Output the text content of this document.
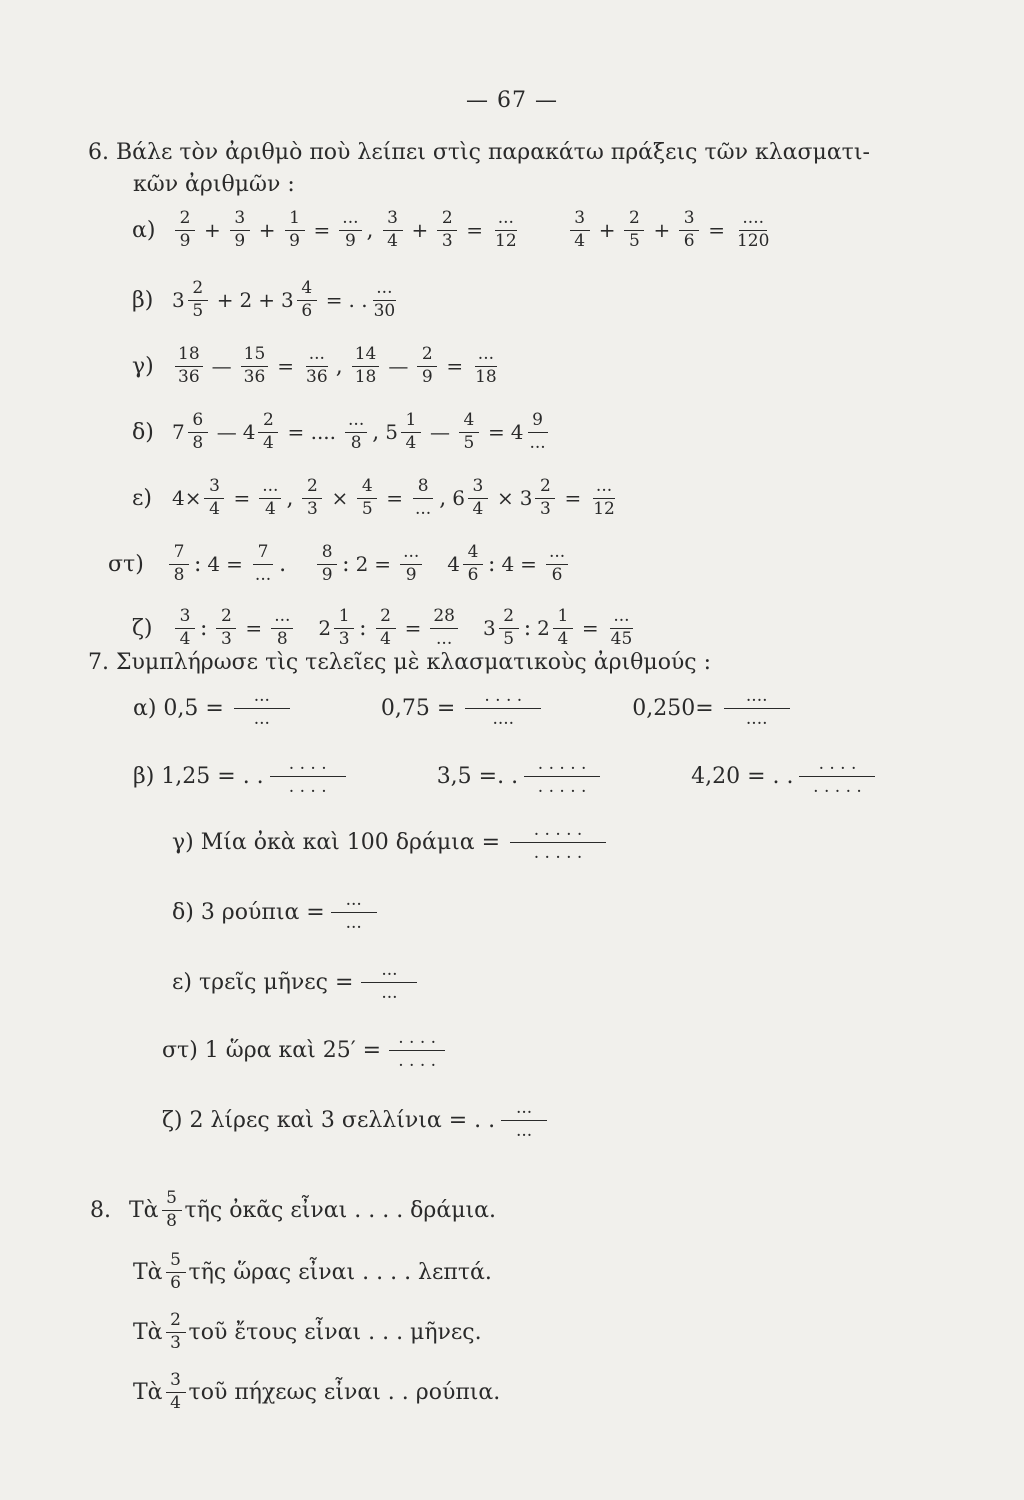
— 67 —
6. Βάλε τὸν ἀριθμὸ ποὺ λείπει στὶς παρακάτω πράξεις τῶν κλασματι-
κῶν ἀριθμῶν :
α)	$\frac{2}{9} + \frac{3}{9} + \frac{1}{9} = \frac{...}{9}$ , $\frac{3}{4} + \frac{2}{3} = \frac{...}{12}$	$\frac{3}{4} + \frac{2}{5} + \frac{3}{6} = \frac{....}{120}$
β) $3 \frac{2}{5} + 2 + 3 \frac{4}{6}$ = . . $\frac{...}{30}$
γ)	$\frac{18}{36}$ — $\frac{15}{36} = \frac{...}{36}$ , $\frac{14}{18}$ — $\frac{2}{9} = \frac{...}{18}$
δ) $7 \frac{6}{8}$ — $4 \frac{2}{4}$ = .... $\frac{...}{8}$ , $5 \frac{1}{4}$ — $\frac{4}{5} = 4 \frac{9}{...}$
ε)	$4\times \frac{3}{4} = \frac{...}{4}$ , $\frac{2}{3} \times \frac{4}{5} = \frac{8}{...}$ , $6 \frac{3}{4} \times 3 \frac{2}{3} = \frac{...}{12}$
στ)	$\frac{7}{8}$ : $4 = \frac{7}{...}$ . $\frac{8}{9}$ : $2 = \frac{...}{9} 4 \frac{4}{6}$ : $4 = \frac{...}{6}$
ζ)	$\frac{3}{4}$ : $\frac{2}{3} = \frac{...}{8} 2 \frac{1}{3}$ : $\frac{2}{4} = \frac{28}{...} 3 \frac{2}{5}$ : $2 \frac{1}{4} = \frac{...}{45}$
7. Συμπλήρωσε τὶς τελεῖες μὲ κλασματικοὺς ἀριθμούς :
α) $0,5 = \frac{...}{...}$	$0,75 = \frac{. . . .}{....}$	$0,250= \frac{....}{....}$
β) 1,25 = . . $\frac{. . . .}{. . . .}$	3,5 =. . $\frac{. . . . .}{. . . . .}$	4,20 = . . $\frac{. . . .}{. . . . .}$
γ) Μία ὀκὰ καὶ 100 $\delta\rho ά\mu\iota\alpha = \frac{. . . . .}{. . . . .}$
δ) 3 $\rho oύ\pi\iota\alpha = \frac{...}{...}$
ε) τρεῖς μῆνες = $\frac{...}{...}$
στ) 1 ὥρα καὶ $25' = \frac{. . . .}{. . . .}$
ζ) 2 λίρες καὶ 3 σελλίνια = . . $\frac{...}{...}$
8. Τὰ $\frac{5}{8}$ τῆς ὀκᾶς εἶναι . . . . δράμια.
Τὰ $\frac{5}{6}$ τῆς ὥρας εἶναι . . . . λεπτά.
Τὰ $\frac{2}{3}$ τοῦ ἔτους εἶναι . . . μῆνες.
Τὰ $\frac{3}{4}$ τοῦ πήχεως εἶναι . . ρούπια.
